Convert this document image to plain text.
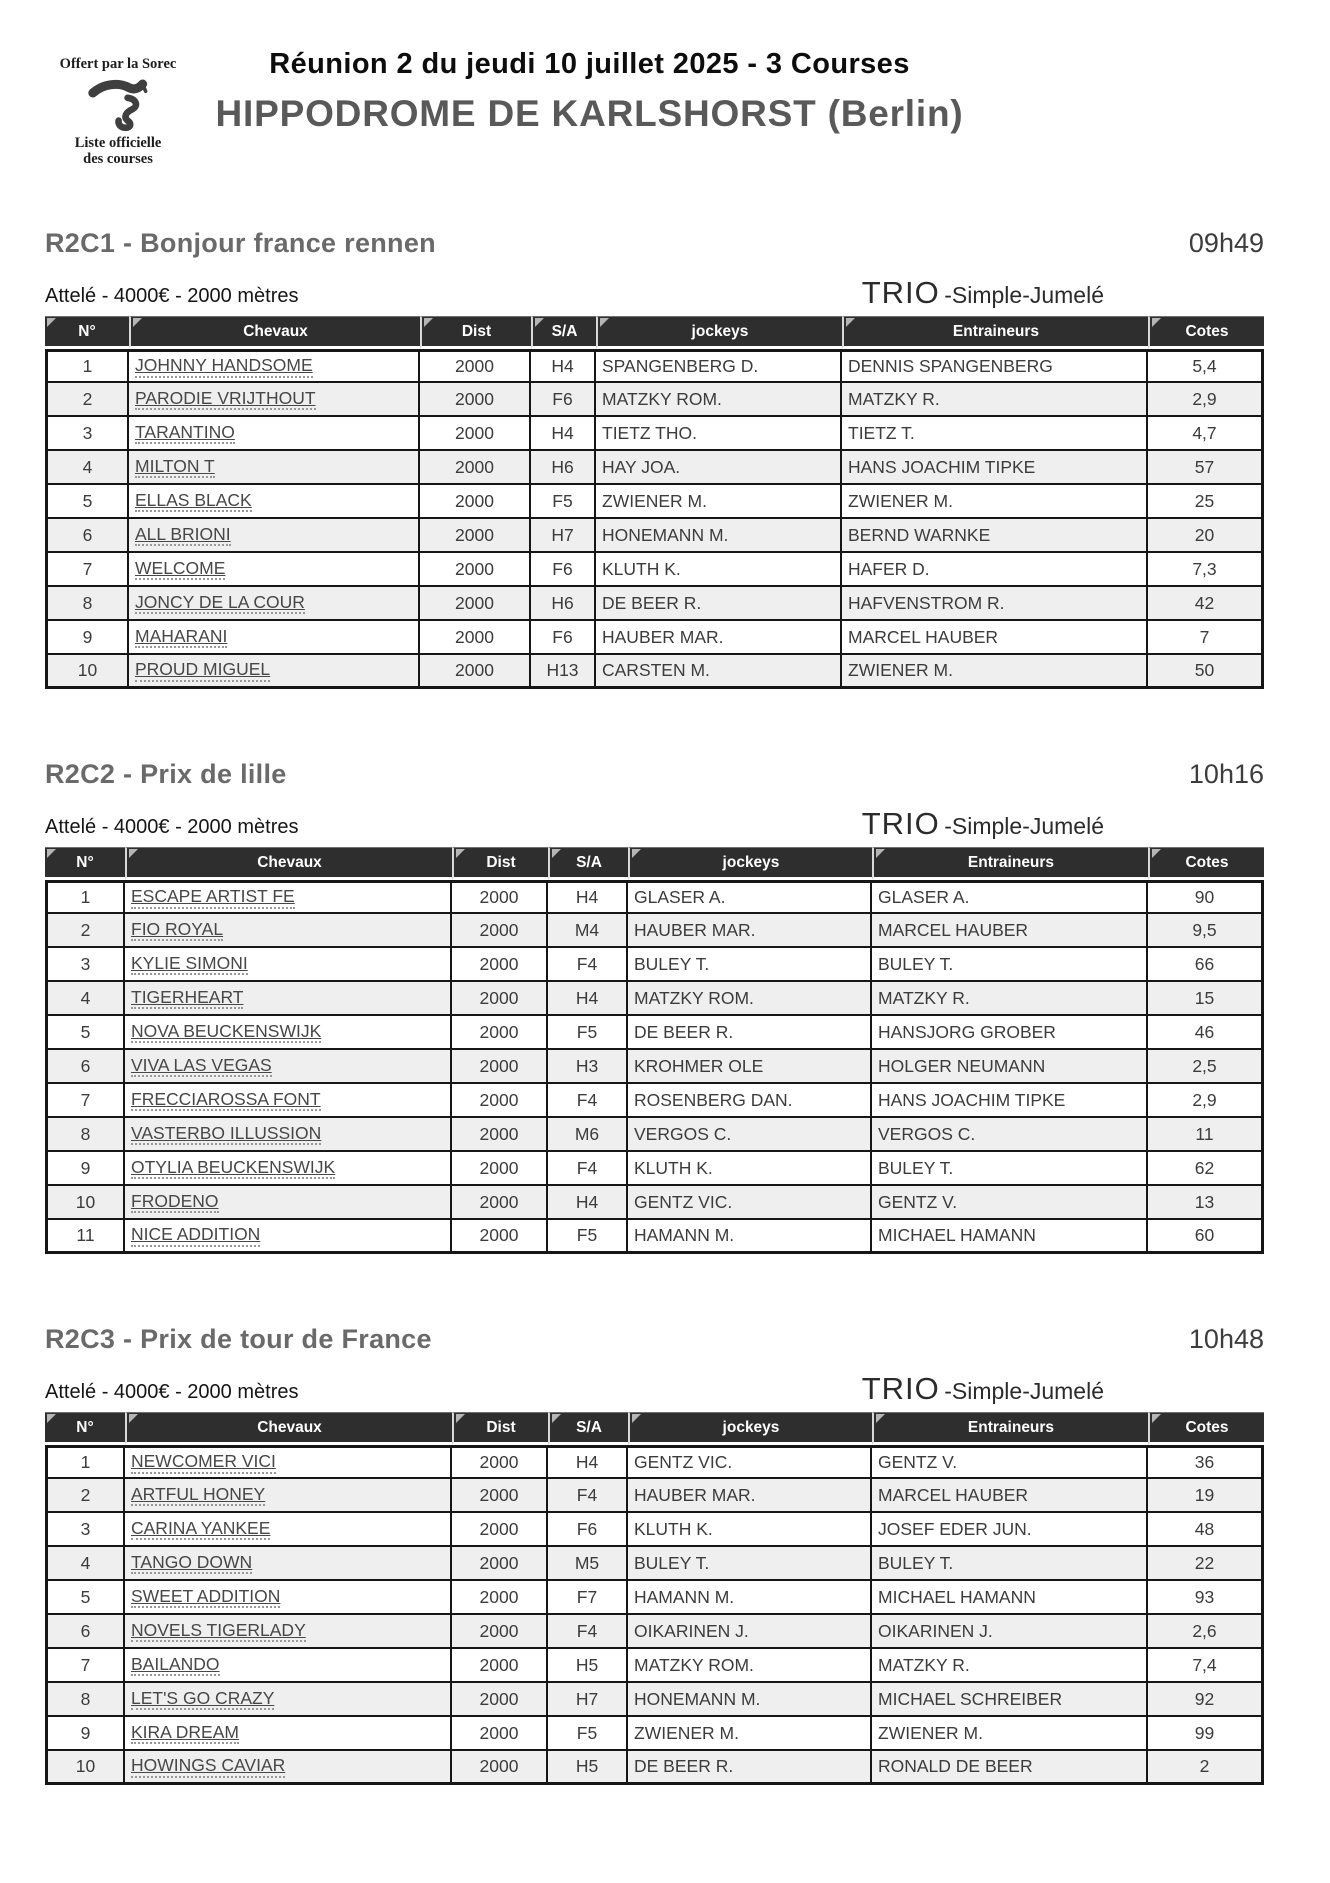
Offert par la Sorec
Liste officielle
des courses
Réunion 2 du jeudi 10 juillet 2025 - 3 Courses
HIPPODROME DE KARLSHORST (Berlin)
R2C1 - Bonjour france rennen	09h49
Attelé - 4000€ - 2000 mètres	TRIO -Simple-Jumelé
N°	Chevaux	Dist	S/A	jockeys	Entraineurs	Cotes
1	JOHNNY HANDSOME	2000	H4	SPANGENBERG D.	DENNIS SPANGENBERG	5,4
2	PARODIE VRIJTHOUT	2000	F6	MATZKY ROM.	MATZKY R.	2,9
3	TARANTINO	2000	H4	TIETZ THO.	TIETZ T.	4,7
4	MILTON T	2000	H6	HAY JOA.	HANS JOACHIM TIPKE	57
5	ELLAS BLACK	2000	F5	ZWIENER M.	ZWIENER M.	25
6	ALL BRIONI	2000	H7	HONEMANN M.	BERND WARNKE	20
7	WELCOME	2000	F6	KLUTH K.	HAFER D.	7,3
8	JONCY DE LA COUR	2000	H6	DE BEER R.	HAFVENSTROM R.	42
9	MAHARANI	2000	F6	HAUBER MAR.	MARCEL HAUBER	7
10	PROUD MIGUEL	2000	H13	CARSTEN M.	ZWIENER M.	50
R2C2 - Prix de lille	10h16
Attelé - 4000€ - 2000 mètres	TRIO -Simple-Jumelé
N°	Chevaux	Dist	S/A	jockeys	Entraineurs	Cotes
1	ESCAPE ARTIST FE	2000	H4	GLASER A.	GLASER A.	90
2	FIO ROYAL	2000	M4	HAUBER MAR.	MARCEL HAUBER	9,5
3	KYLIE SIMONI	2000	F4	BULEY T.	BULEY T.	66
4	TIGERHEART	2000	H4	MATZKY ROM.	MATZKY R.	15
5	NOVA BEUCKENSWIJK	2000	F5	DE BEER R.	HANSJORG GROBER	46
6	VIVA LAS VEGAS	2000	H3	KROHMER OLE	HOLGER NEUMANN	2,5
7	FRECCIAROSSA FONT	2000	F4	ROSENBERG DAN.	HANS JOACHIM TIPKE	2,9
8	VASTERBO ILLUSSION	2000	M6	VERGOS C.	VERGOS C.	11
9	OTYLIA BEUCKENSWIJK	2000	F4	KLUTH K.	BULEY T.	62
10	FRODENO	2000	H4	GENTZ VIC.	GENTZ V.	13
11	NICE ADDITION	2000	F5	HAMANN M.	MICHAEL HAMANN	60
R2C3 - Prix de tour de France	10h48
Attelé - 4000€ - 2000 mètres	TRIO -Simple-Jumelé
N°	Chevaux	Dist	S/A	jockeys	Entraineurs	Cotes
1	NEWCOMER VICI	2000	H4	GENTZ VIC.	GENTZ V.	36
2	ARTFUL HONEY	2000	F4	HAUBER MAR.	MARCEL HAUBER	19
3	CARINA YANKEE	2000	F6	KLUTH K.	JOSEF EDER JUN.	48
4	TANGO DOWN	2000	M5	BULEY T.	BULEY T.	22
5	SWEET ADDITION	2000	F7	HAMANN M.	MICHAEL HAMANN	93
6	NOVELS TIGERLADY	2000	F4	OIKARINEN J.	OIKARINEN J.	2,6
7	BAILANDO	2000	H5	MATZKY ROM.	MATZKY R.	7,4
8	LET'S GO CRAZY	2000	H7	HONEMANN M.	MICHAEL SCHREIBER	92
9	KIRA DREAM	2000	F5	ZWIENER M.	ZWIENER M.	99
10	HOWINGS CAVIAR	2000	H5	DE BEER R.	RONALD DE BEER	2
